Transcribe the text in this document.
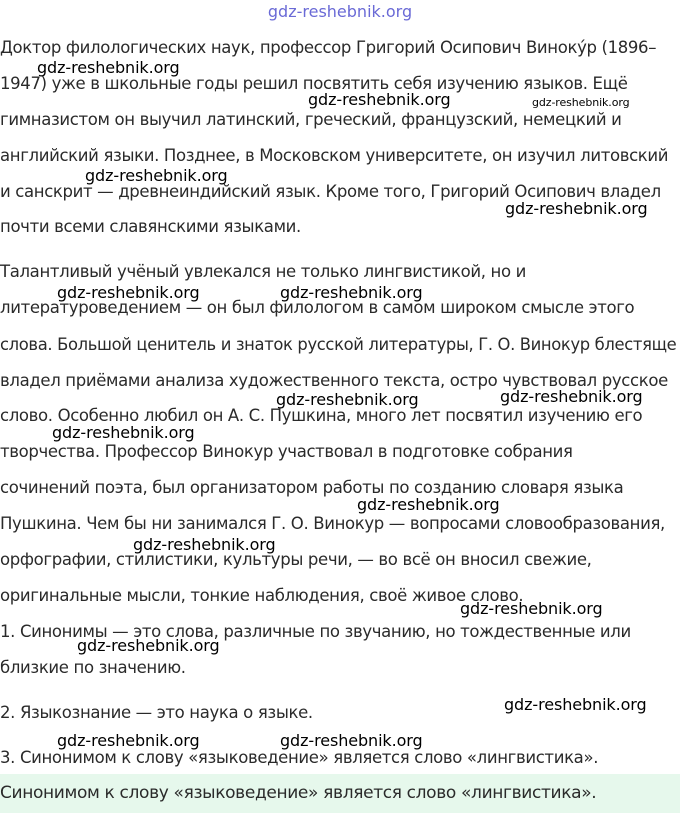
gdz-reshebnik.org
Доктор филологических наук, профессор Григорий Осипович Винокýр (1896–
1947) уже в школьные годы решил посвятить себя изучению языков. Ещё
гимназистом он выучил латинский, греческий, французский, немецкий и
английский языки. Позднее, в Московском университете, он изучил литовский
и санскрит — древнеиндийский язык. Кроме того, Григорий Осипович владел
почти всеми славянскими языками.
Талантливый учёный увлекался не только лингвистикой, но и
литературоведением — он был филологом в самом широком смысле этого
слова. Большой ценитель и знаток русской литературы, Г. О. Винокур блестяще
владел приёмами анализа художественного текста, остро чувствовал русское
слово. Особенно любил он А. С. Пушкина, много лет посвятил изучению его
творчества. Профессор Винокур участвовал в подготовке собрания
сочинений поэта, был организатором работы по созданию словаря языка
Пушкина. Чем бы ни занимался Г. О. Винокур — вопросами словообразования,
орфографии, стилистики, культуры речи, — во всё он вносил свежие,
оригинальные мысли, тонкие наблюдения, своё живое слово.
1. Синонимы — это слова, различные по звучанию, но тождественные или
близкие по значению.
2. Языкознание — это наука о языке.
3. Синонимом к слову «языковедение» является слово «лингвистика».
Синонимом к слову «языковедение» является слово «лингвистика».
gdz-reshebnik.org
gdz-reshebnik.org	gdz-reshebnik.org
gdz-reshebnik.org
gdz-reshebnik.org
gdz-reshebnik.org	gdz-reshebnik.org
gdz-reshebnik.org	gdz-reshebnik.org
gdz-reshebnik.org
gdz-reshebnik.org
gdz-reshebnik.org
gdz-reshebnik.org
gdz-reshebnik.org
gdz-reshebnik.org
gdz-reshebnik.org	gdz-reshebnik.org
